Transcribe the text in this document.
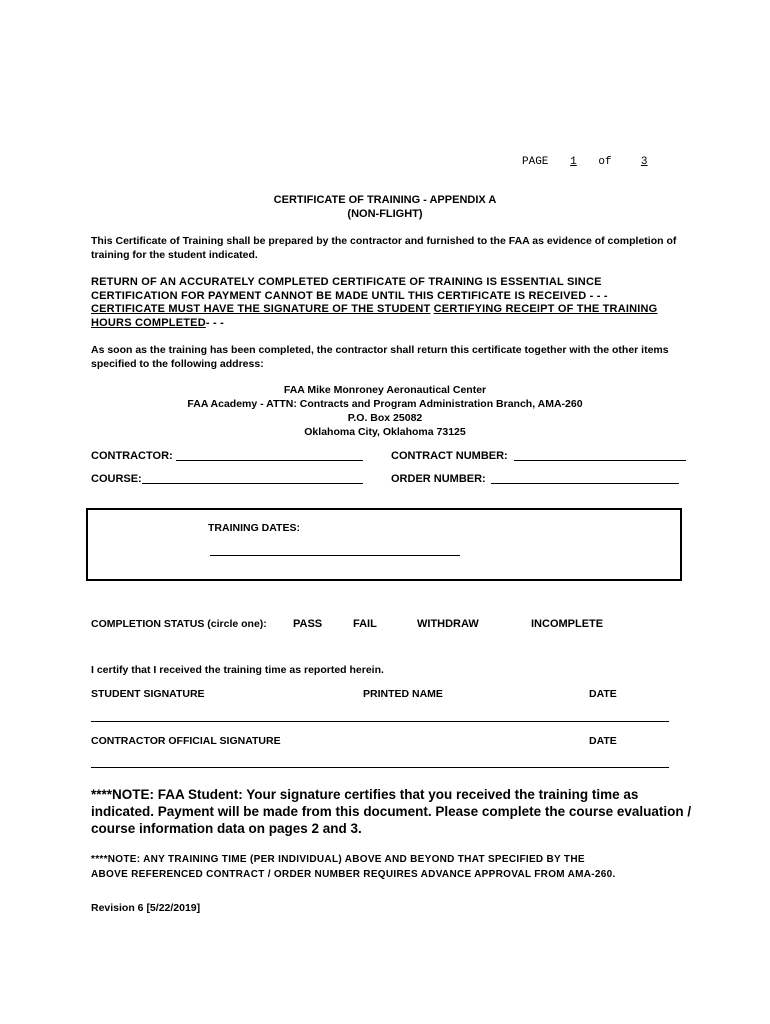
PAGE 1 of	3
CERTIFICATE OF TRAINING - APPENDIX A
(NON-FLIGHT)
This Certificate of Training shall be prepared by the contractor and furnished to the FAA as evidence of completion of
training for the student indicated.
RETURN OF AN ACCURATELY COMPLETED CERTIFICATE OF TRAINING IS ESSENTIAL SINCE
CERTIFICATION FOR PAYMENT CANNOT BE MADE UNTIL THIS CERTIFICATE IS RECEIVED - - -
CERTIFICATE MUST HAVE THE SIGNATURE OF THE STUDENT CERTIFYING RECEIPT OF THE TRAINING
HOURS COMPLETED- - -
As soon as the training has been completed, the contractor shall return this certificate together with the other items
specified to the following address:
FAA Mike Monroney Aeronautical Center
FAA Academy - ATTN: Contracts and Program Administration Branch, AMA-260
P.O. Box 25082
Oklahoma City, Oklahoma 73125
CONTRACTOR:	CONTRACT NUMBER:
COURSE:	ORDER NUMBER:
TRAINING DATES:
COMPLETION STATUS (circle one): PASS	FAIL	WITHDRAW	INCOMPLETE
I certify that I received the training time as reported herein.
STUDENT SIGNATURE	PRINTED NAME	DATE
CONTRACTOR OFFICIAL SIGNATURE	DATE
****NOTE: FAA Student: Your signature certifies that you received the training time as
indicated. Payment will be made from this document. Please complete the course evaluation /
course information data on pages 2 and 3.
****NOTE: ANY TRAINING TIME (PER INDIVIDUAL) ABOVE AND BEYOND THAT SPECIFIED BY THE
ABOVE REFERENCED CONTRACT / ORDER NUMBER REQUIRES ADVANCE APPROVAL FROM AMA-260.
Revision 6 [5/22/2019]
